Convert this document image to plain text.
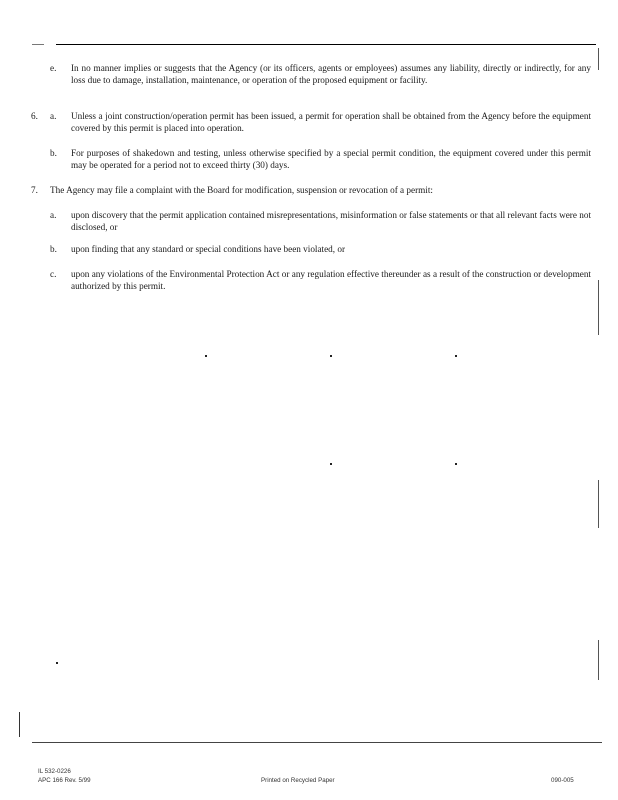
e. In no manner implies or suggests that the Agency (or its officers, agents or employees) assumes any liability, directly or indirectly, for any loss due to damage, installation, maintenance, or operation of the proposed equipment or facility.
6. a. Unless a joint construction/operation permit has been issued, a permit for operation shall be obtained from the Agency before the equipment covered by this permit is placed into operation.
b. For purposes of shakedown and testing, unless otherwise specified by a special permit condition, the equipment covered under this permit may be operated for a period not to exceed thirty (30) days.
7. The Agency may file a complaint with the Board for modification, suspension or revocation of a permit:
a. upon discovery that the permit application contained misrepresentations, misinformation or false statements or that all relevant facts were not disclosed, or
b. upon finding that any standard or special conditions have been violated, or
c. upon any violations of the Environmental Protection Act or any regulation effective thereunder as a result of the construction or development authorized by this permit.
IL 532-0226
APC 166 Rev. 5/99	Printed on Recycled Paper	090-005
